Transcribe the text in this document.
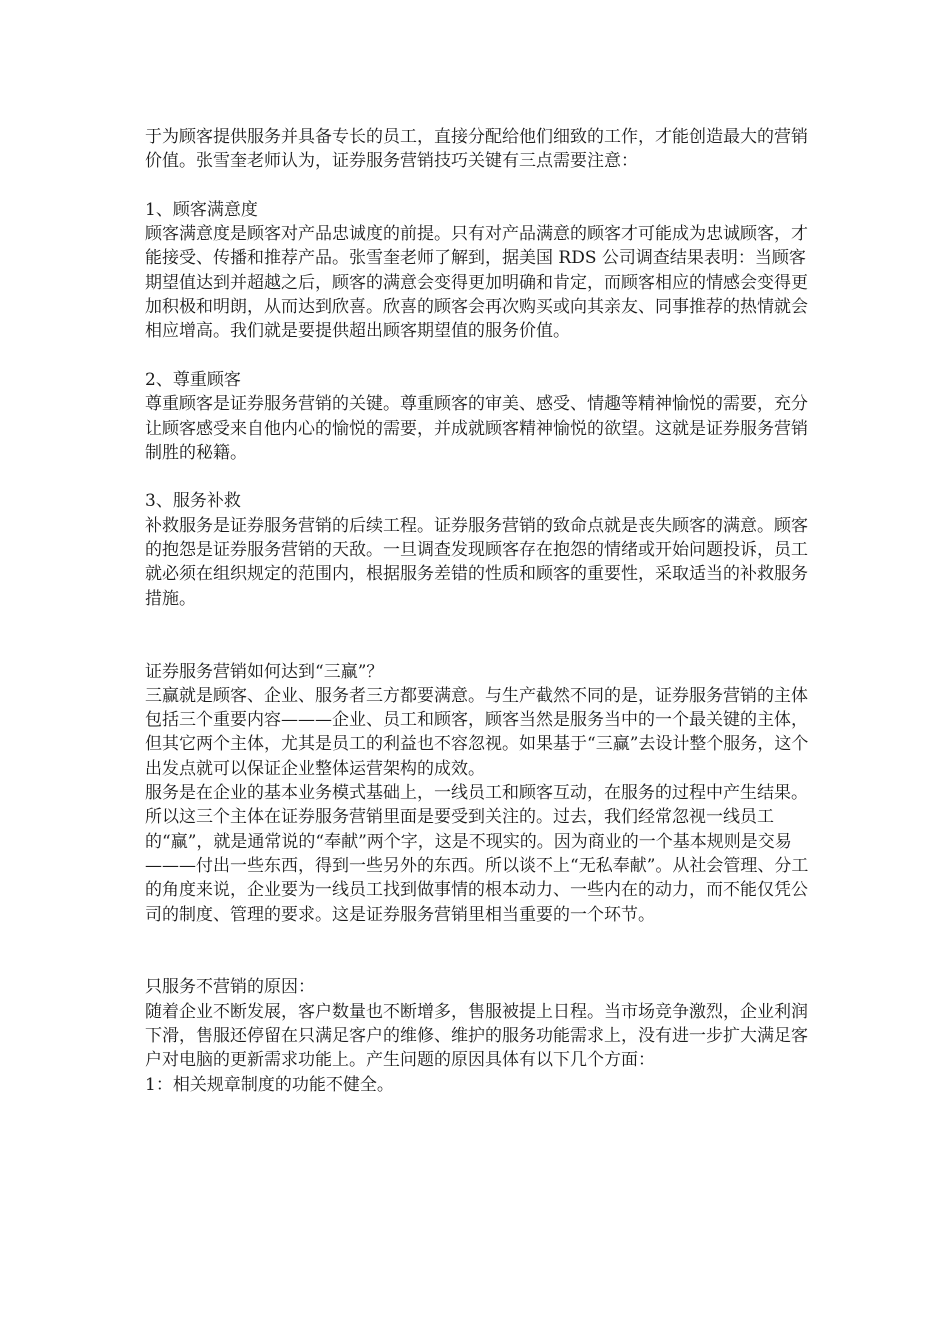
于为顾客提供服务并具备专长的员工，直接分配给他们细致的工作，才能创造最大的营销价值。张雪奎老师认为，证券服务营销技巧关键有三点需要注意：

1、顾客满意度

顾客满意度是顾客对产品忠诚度的前提。只有对产品满意的顾客才可能成为忠诚顾客，才能接受、传播和推荐产品。张雪奎老师了解到，据美国 RDS 公司调查结果表明：当顾客期望值达到并超越之后，顾客的满意会变得更加明确和肯定，而顾客相应的情感会变得更加积极和明朗，从而达到欣喜。欣喜的顾客会再次购买或向其亲友、同事推荐的热情就会相应增高。我们就是要提供超出顾客期望值的服务价值。

2、尊重顾客

尊重顾客是证券服务营销的关键。尊重顾客的审美、感受、情趣等精神愉悦的需要，充分让顾客感受来自他内心的愉悦的需要，并成就顾客精神愉悦的欲望。这就是证券服务营销制胜的秘籍。

3、服务补救

补救服务是证券服务营销的后续工程。证券服务营销的致命点就是丧失顾客的满意。顾客的抱怨是证券服务营销的天敌。一旦调查发现顾客存在抱怨的情绪或开始问题投诉，员工就必须在组织规定的范围内，根据服务差错的性质和顾客的重要性，采取适当的补救服务措施。

证券服务营销如何达到“三赢”？

三赢就是顾客、企业、服务者三方都要满意。与生产截然不同的是，证券服务营销的主体包括三个重要内容———企业、员工和顾客，顾客当然是服务当中的一个最关键的主体，但其它两个主体，尤其是员工的利益也不容忽视。如果基于“三赢”去设计整个服务，这个出发点就可以保证企业整体运营架构的成效。

服务是在企业的基本业务模式基础上，一线员工和顾客互动，在服务的过程中产生结果。所以这三个主体在证券服务营销里面是要受到关注的。过去，我们经常忽视一线员工的“赢”，就是通常说的“奉献”两个字，这是不现实的。因为商业的一个基本规则是交易———付出一些东西，得到一些另外的东西。所以谈不上“无私奉献”。从社会管理、分工的角度来说，企业要为一线员工找到做事情的根本动力、一些内在的动力，而不能仅凭公司的制度、管理的要求。这是证券服务营销里相当重要的一个环节。

只服务不营销的原因：

随着企业不断发展，客户数量也不断增多，售服被提上日程。当市场竞争激烈，企业利润下滑，售服还停留在只满足客户的维修、维护的服务功能需求上，没有进一步扩大满足客户对电脑的更新需求功能上。产生问题的原因具体有以下几个方面：

1：相关规章制度的功能不健全。
